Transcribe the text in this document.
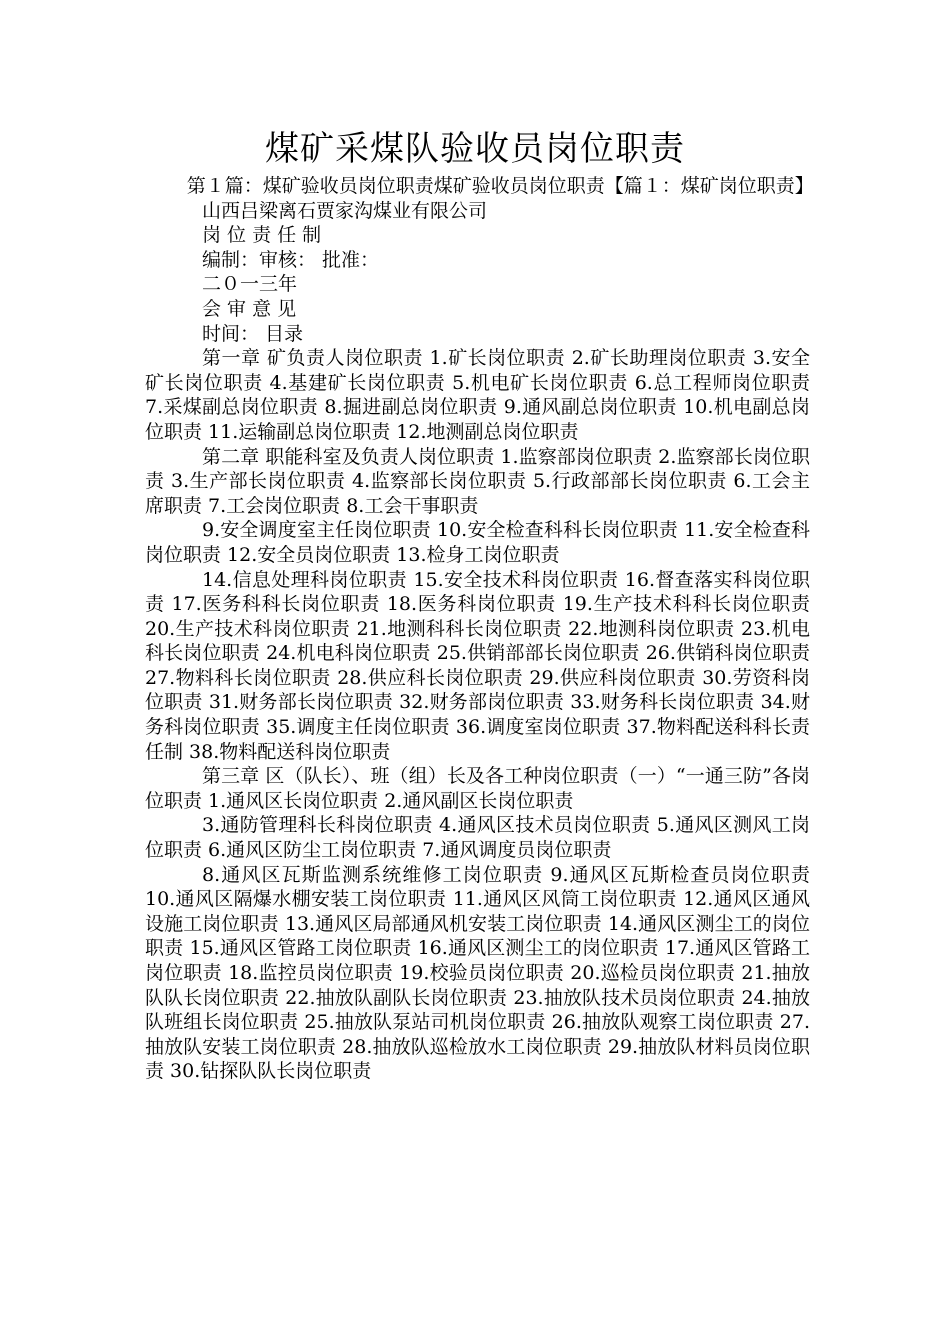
煤矿采煤队验收员岗位职责

第１篇：煤矿验收员岗位职责煤矿验收员岗位职责【篇１：煤矿岗位职责】

山西吕梁离石贾家沟煤业有限公司

岗 位 责 任 制

编制：审核： 批准：

二０一三年

会 审 意 见

时间： 目录

第一章 矿负责人岗位职责 1.矿长岗位职责 2.矿长助理岗位职责 3.安全矿长岗位职责 4.基建矿长岗位职责 5.机电矿长岗位职责 6.总工程师岗位职责 7.采煤副总岗位职责 8.掘进副总岗位职责 9.通风副总岗位职责 10.机电副总岗位职责 11.运输副总岗位职责 12.地测副总岗位职责

第二章 职能科室及负责人岗位职责 1.监察部岗位职责 2.监察部长岗位职责 3.生产部长岗位职责 4.监察部长岗位职责 5.行政部部长岗位职责 6.工会主席职责 7.工会岗位职责 8.工会干事职责

9.安全调度室主任岗位职责 10.安全检查科科长岗位职责 11.安全检查科岗位职责 12.安全员岗位职责 13.检身工岗位职责

14.信息处理科岗位职责 15.安全技术科岗位职责 16.督查落实科岗位职责 17.医务科科长岗位职责 18.医务科岗位职责 19.生产技术科科长岗位职责 20.生产技术科岗位职责 21.地测科科长岗位职责 22.地测科岗位职责 23.机电科长岗位职责 24.机电科岗位职责 25.供销部部长岗位职责 26.供销科岗位职责 27.物料科长岗位职责 28.供应科长岗位职责 29.供应科岗位职责 30.劳资科岗位职责 31.财务部长岗位职责 32.财务部岗位职责 33.财务科长岗位职责 34.财务科岗位职责 35.调度主任岗位职责 36.调度室岗位职责 37.物料配送科科长责任制 38.物料配送科岗位职责

第三章 区（队长）、班（组）长及各工种岗位职责（一）“一通三防”各岗位职责 1.通风区长岗位职责 2.通风副区长岗位职责

3.通防管理科长科岗位职责 4.通风区技术员岗位职责 5.通风区测风工岗位职责 6.通风区防尘工岗位职责 7.通风调度员岗位职责

8.通风区瓦斯监测系统维修工岗位职责 9.通风区瓦斯检查员岗位职责 10.通风区隔爆水棚安装工岗位职责 11.通风区风筒工岗位职责 12.通风区通风设施工岗位职责 13.通风区局部通风机安装工岗位职责 14.通风区测尘工的岗位职责 15.通风区管路工岗位职责 16.通风区测尘工的岗位职责 17.通风区管路工岗位职责 18.监控员岗位职责 19.校验员岗位职责 20.巡检员岗位职责 21.抽放队队长岗位职责 22.抽放队副队长岗位职责 23.抽放队技术员岗位职责 24.抽放队班组长岗位职责 25.抽放队泵站司机岗位职责 26.抽放队观察工岗位职责 27.抽放队安装工岗位职责 28.抽放队巡检放水工岗位职责 29.抽放队材料员岗位职责 30.钻探队队长岗位职责
